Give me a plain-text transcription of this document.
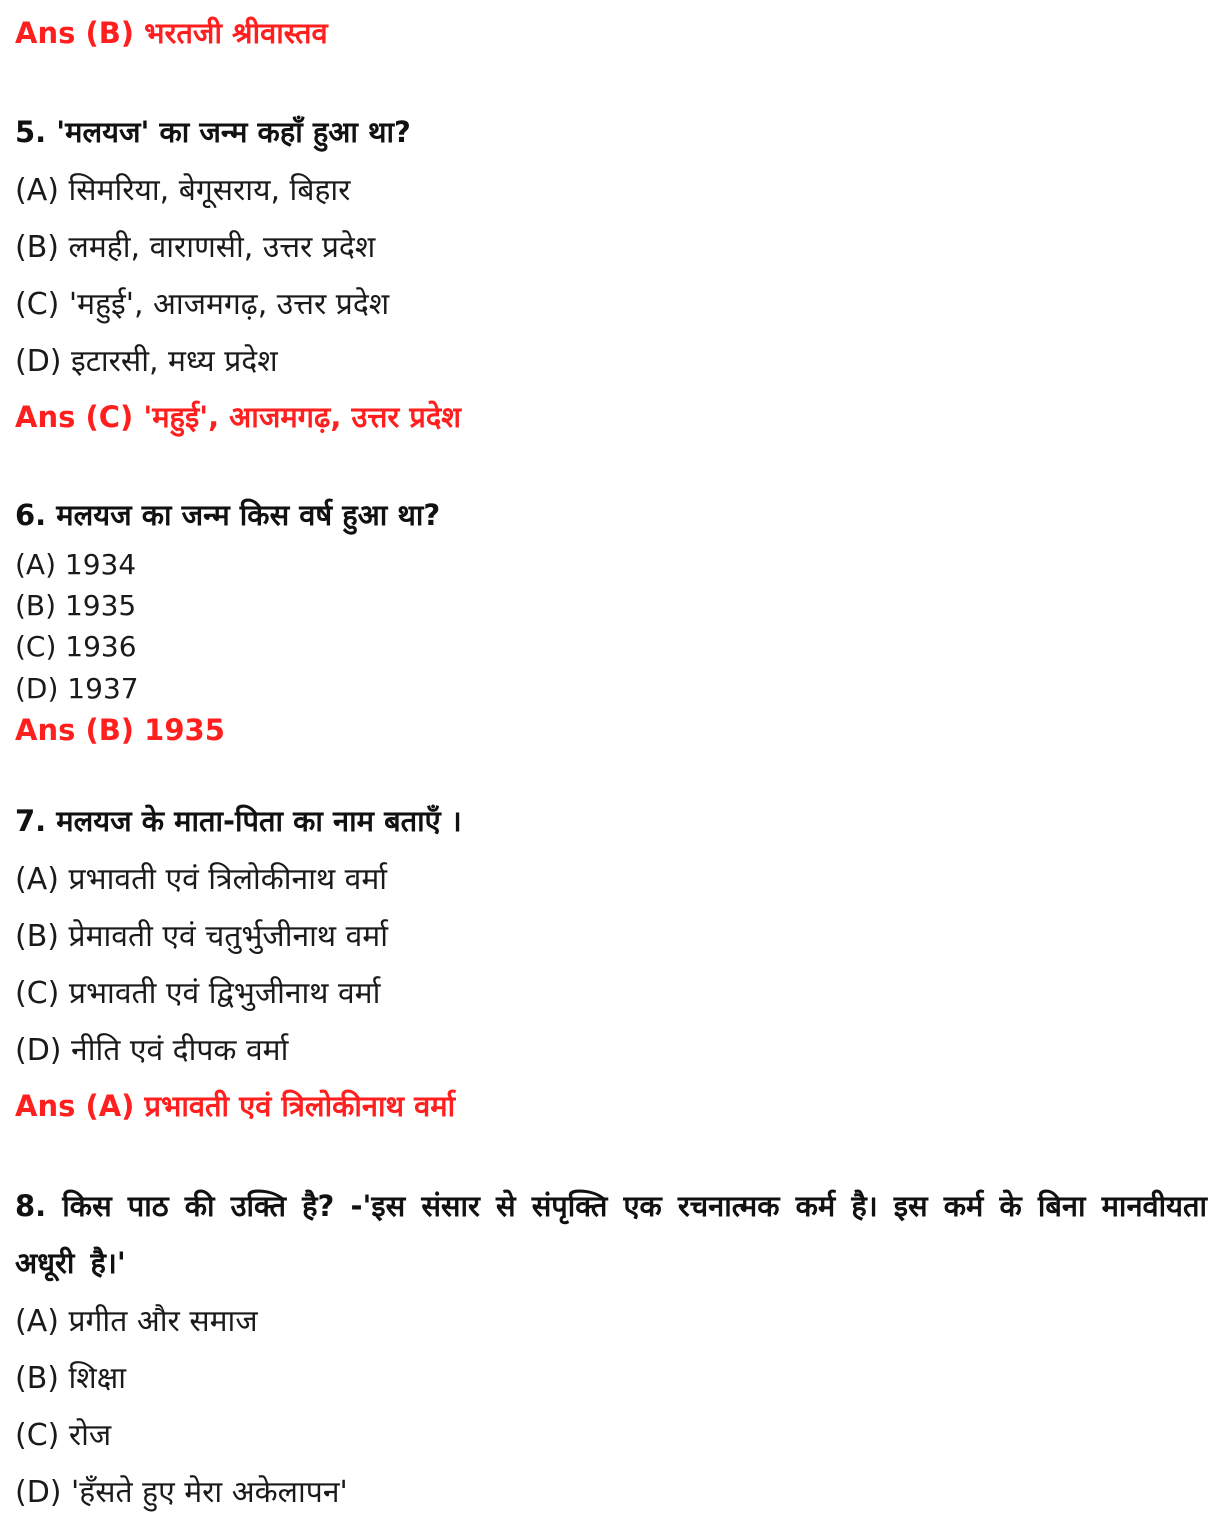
Ans (B) भरतजी श्रीवास्तव
5. 'मलयज' का जन्म कहाँ हुआ था?
(A) सिमरिया, बेगूसराय, बिहार
(B) लमही, वाराणसी, उत्तर प्रदेश
(C) 'महुई', आजमगढ़, उत्तर प्रदेश
(D) इटारसी, मध्य प्रदेश
Ans (C) 'महुई', आजमगढ़, उत्तर प्रदेश
6. मलयज का जन्म किस वर्ष हुआ था?
(A) 1934
(B) 1935
(C) 1936
(D) 1937
Ans (B) 1935
7. मलयज के माता-पिता का नाम बताएँ ।
(A) प्रभावती एवं त्रिलोकीनाथ वर्मा
(B) प्रेमावती एवं चतुर्भुजीनाथ वर्मा
(C) प्रभावती एवं द्विभुजीनाथ वर्मा
(D) नीति एवं दीपक वर्मा
Ans (A) प्रभावती एवं त्रिलोकीनाथ वर्मा
8. किस पाठ की उक्ति है? -'इस संसार से संपृक्ति एक रचनात्मक कर्म है। इस कर्म के बिना मानवीयता अधूरी है।'
(A) प्रगीत और समाज
(B) शिक्षा
(C) रोज
(D) 'हँसते हुए मेरा अकेलापन'
